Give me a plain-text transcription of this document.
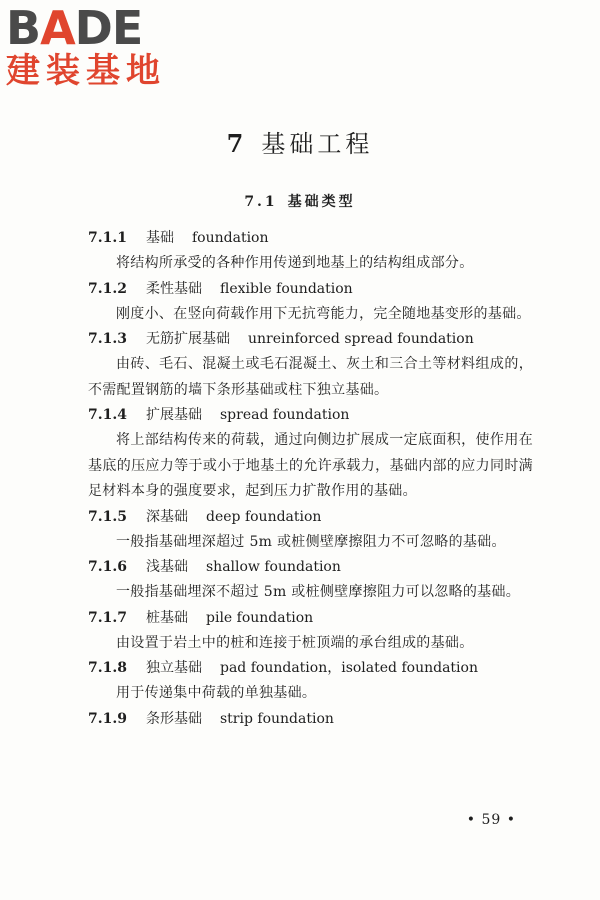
BADE
建装基地
7 基础工程
7.1 基础类型
7.1.1 基础 foundation
将结构所承受的各种作用传递到地基上的结构组成部分。
7.1.2 柔性基础 flexible foundation
刚度小、在竖向荷载作用下无抗弯能力，完全随地基变形的基础。
7.1.3 无筋扩展基础 unreinforced spread foundation
由砖、毛石、混凝土或毛石混凝土、灰土和三合土等材料组成的，不需配置钢筋的墙下条形基础或柱下独立基础。
7.1.4 扩展基础 spread foundation
将上部结构传来的荷载，通过向侧边扩展成一定底面积，使作用在基底的压应力等于或小于地基土的允许承载力，基础内部的应力同时满足材料本身的强度要求，起到压力扩散作用的基础。
7.1.5 深基础 deep foundation
一般指基础埋深超过 5m 或桩侧壁摩擦阻力不可忽略的基础。
7.1.6 浅基础 shallow foundation
一般指基础埋深不超过 5m 或桩侧壁摩擦阻力可以忽略的基础。
7.1.7 桩基础 pile foundation
由设置于岩土中的桩和连接于桩顶端的承台组成的基础。
7.1.8 独立基础 pad foundation，isolated foundation
用于传递集中荷载的单独基础。
7.1.9 条形基础 strip foundation
• 59 •
